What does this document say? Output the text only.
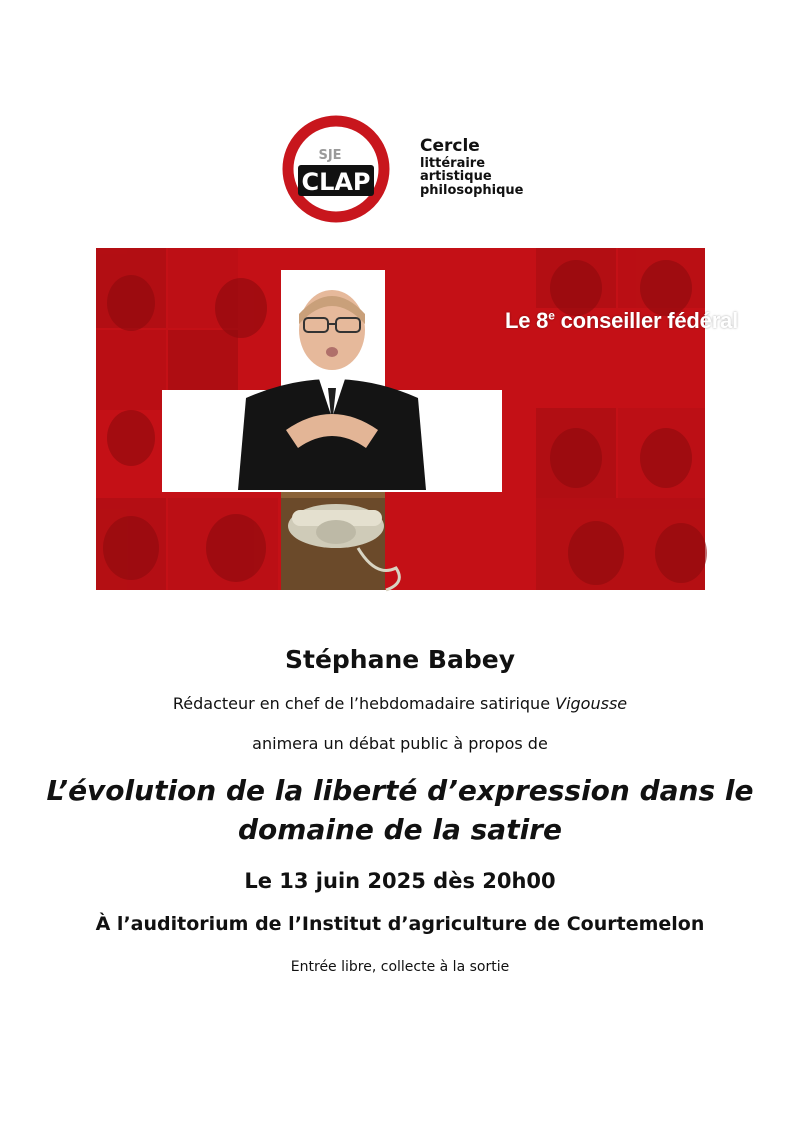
SJE
CLAP
Cercle
littéraire
artistique
philosophique
Le 8e conseiller fédéral
Stéphane Babey
Rédacteur en chef de l’hebdomadaire satirique Vigousse
animera un débat public à propos de
L’évolution de la liberté d’expression dans le
domaine de la satire
Le 13 juin 2025 dès 20h00
À l’auditorium de l’Institut d’agriculture de Courtemelon
Entrée libre, collecte à la sortie
